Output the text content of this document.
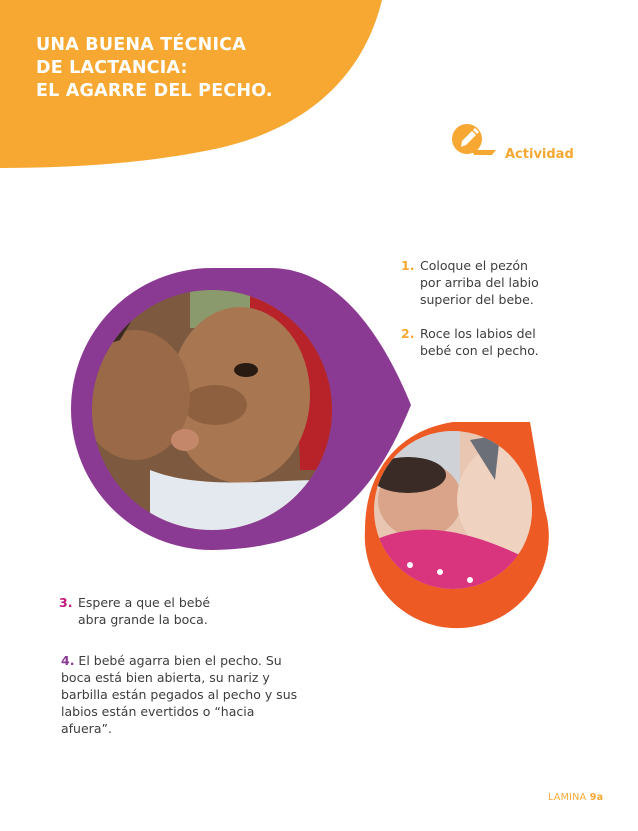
UNA BUENA TÉCNICA
DE LACTANCIA:
EL AGARRE DEL PECHO.
Actividad
1. Coloque el pezón
por arriba del labio
superior del bebe.
2. Roce los labios del
bebé con el pecho.
3. Espere a que el bebé
abra grande la boca.
4. El bebé agarra bien el pecho. Su boca está bien abierta, su nariz y barbilla están pegados al pecho y sus labios están evertidos o “hacia afuera”.
LAMINA 9a
